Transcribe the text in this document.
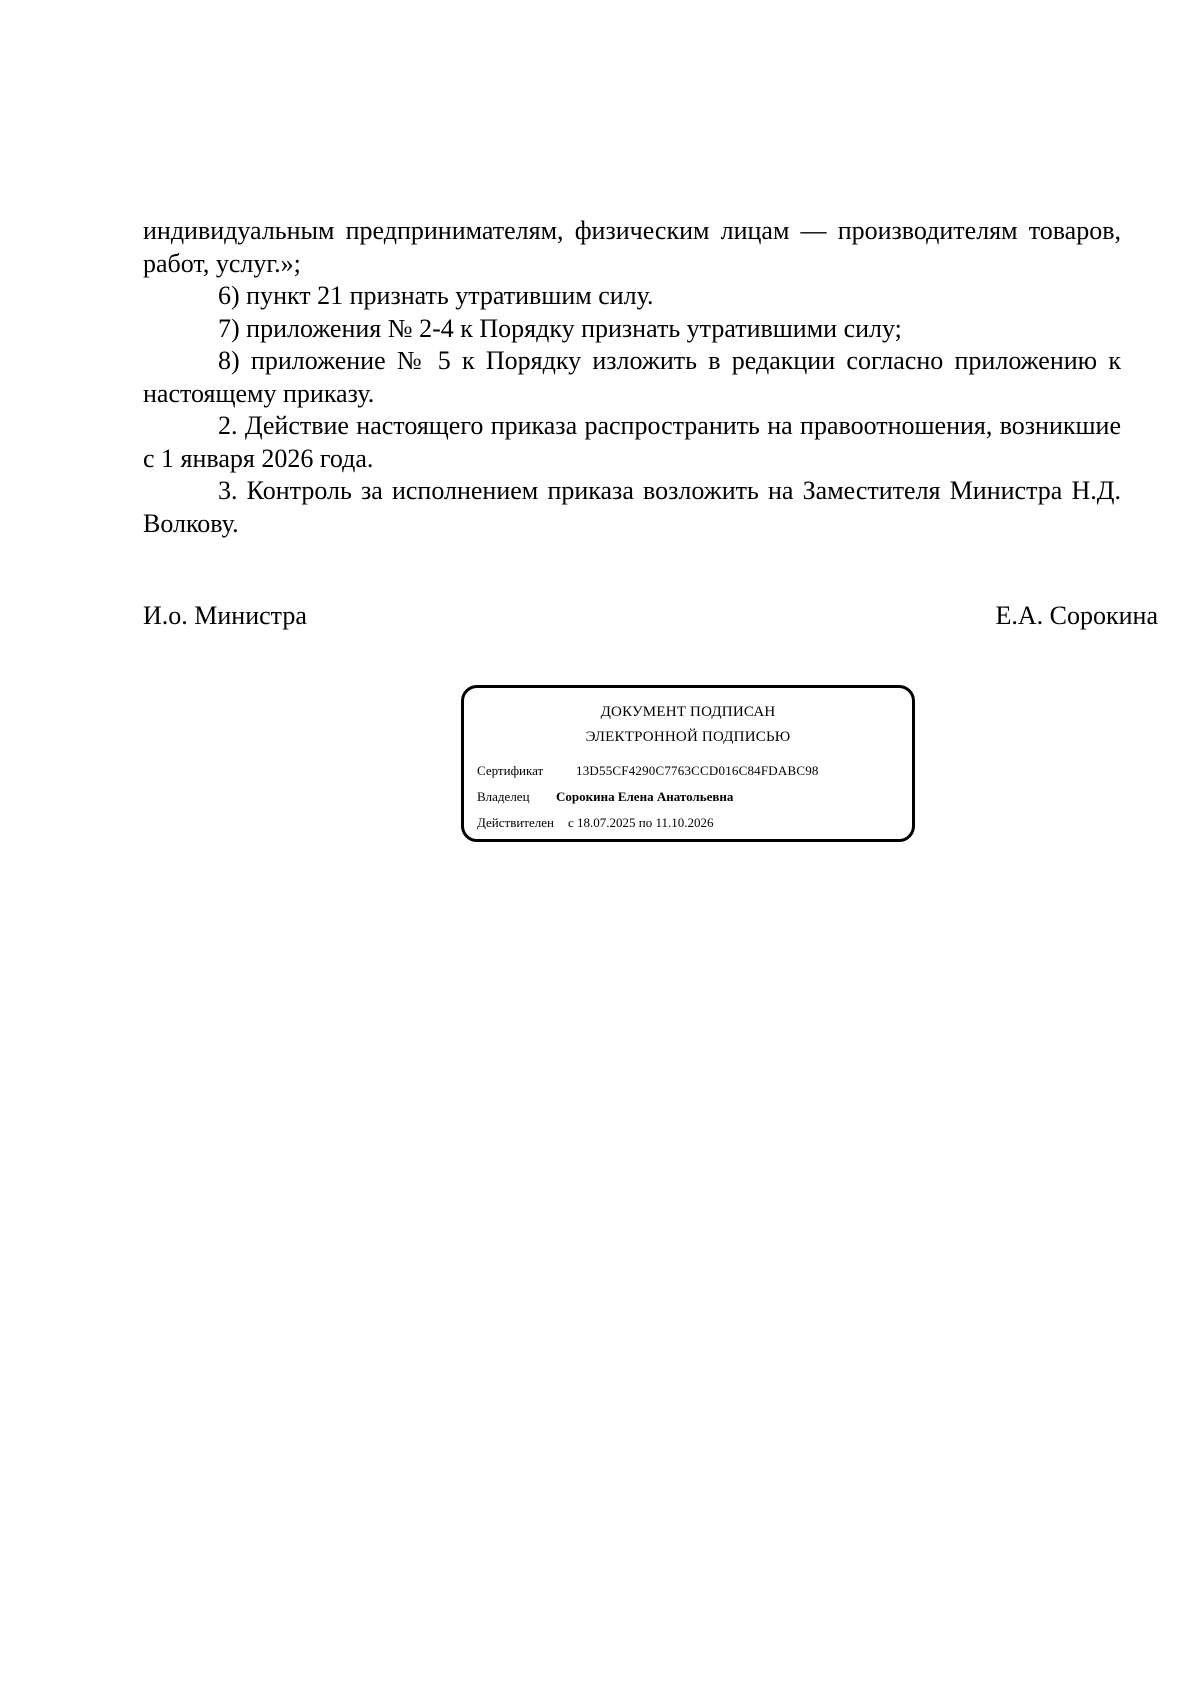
индивидуальным предпринимателям, физическим лицам — производителям товаров, работ, услуг.»;

6) пункт 21 признать утратившим силу.

7) приложения № 2-4 к Порядку признать утратившими силу;

8) приложение № 5 к Порядку изложить в редакции согласно приложению к настоящему приказу.

2. Действие настоящего приказа распространить на правоотношения, возникшие с 1 января 2026 года.

3. Контроль за исполнением приказа возложить на Заместителя Министра Н.Д. Волкову.

И.о. Министра	Е.А. Сорокина
ДОКУМЕНТ ПОДПИСАН
ЭЛЕКТРОННОЙ ПОДПИСЬЮ
Сертификат	13D55CF4290C7763CCD016C84FDABC98
Владелец Сорокина Елена Анатольевна
Действителен с 18.07.2025 по 11.10.2026
